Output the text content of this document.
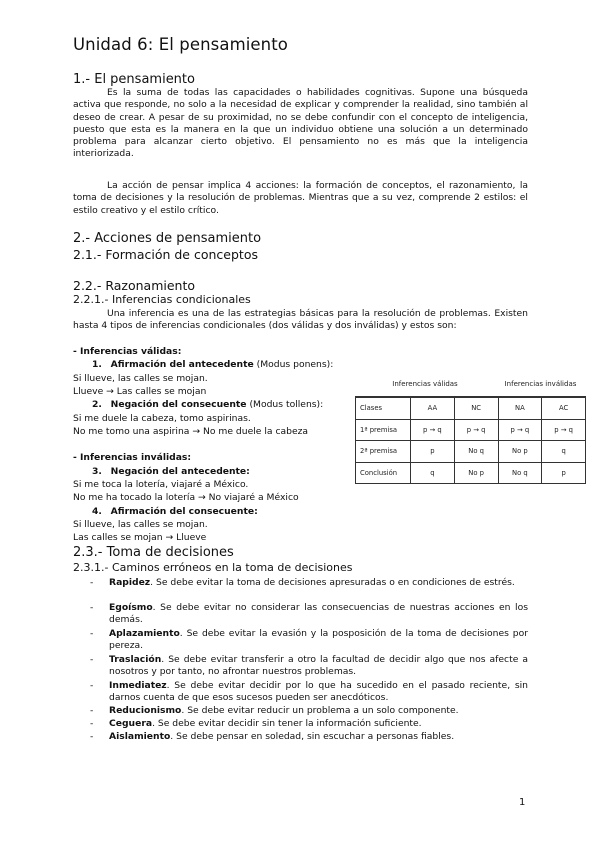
Unidad 6: El pensamiento
1.- El pensamiento
Es la suma de todas las capacidades o habilidades cognitivas. Supone una búsqueda activa que responde, no solo a la necesidad de explicar y comprender la realidad, sino también al deseo de crear. A pesar de su proximidad, no se debe confundir con el concepto de inteligencia, puesto que esta es la manera en la que un individuo obtiene una solución a un determinado problema para alcanzar cierto objetivo. El pensamiento no es más que la inteligencia interiorizada.
La acción de pensar implica 4 acciones: la formación de conceptos, el razonamiento, la toma de decisiones y la resolución de problemas. Mientras que a su vez, comprende 2 estilos: el estilo creativo y el estilo crítico.
2.- Acciones de pensamiento
2.1.- Formación de conceptos
2.2.- Razonamiento
2.2.1.- Inferencias condicionales
Una inferencia es una de las estrategias básicas para la resolución de problemas. Existen hasta 4 tipos de inferencias condicionales (dos válidas y dos inválidas) y estos son:
- Inferencias válidas:
1. Afirmación del antecedente (Modus ponens):
Si llueve, las calles se mojan.
Llueve → Las calles se mojan
2. Negación del consecuente (Modus tollens):
Si me duele la cabeza, tomo aspirinas.
No me tomo una aspirina → No me duele la cabeza
- Inferencias inválidas:
3. Negación del antecedente:
Si me toca la lotería, viajaré a México.
No me ha tocado la lotería → No viajaré a México
4. Afirmación del consecuente:
Si llueve, las calles se mojan.
Las calles se mojan → Llueve
Inferencias válidas	Inferencias inválidas
Clases	AA	NC	NA	AC
1ª premisa	p → q	p → q	p → q	p → q
2ª premisa	p	No q	No p	q
Conclusión	q	No p	No q	p
2.3.- Toma de decisiones
2.3.1.- Caminos erróneos en la toma de decisiones
- Rapidez. Se debe evitar la toma de decisiones apresuradas o en condiciones de estrés.
- Egoísmo. Se debe evitar no considerar las consecuencias de nuestras acciones en los demás.
- Aplazamiento. Se debe evitar la evasión y la posposición de la toma de decisiones por pereza.
- Traslación. Se debe evitar transferir a otro la facultad de decidir algo que nos afecte a nosotros y por tanto, no afrontar nuestros problemas.
- Inmediatez. Se debe evitar decidir por lo que ha sucedido en el pasado reciente, sin darnos cuenta de que esos sucesos pueden ser anecdóticos.
- Reducionismo. Se debe evitar reducir un problema a un solo componente.
- Ceguera. Se debe evitar decidir sin tener la información suficiente.
- Aislamiento. Se debe pensar en soledad, sin escuchar a personas fiables.
1
